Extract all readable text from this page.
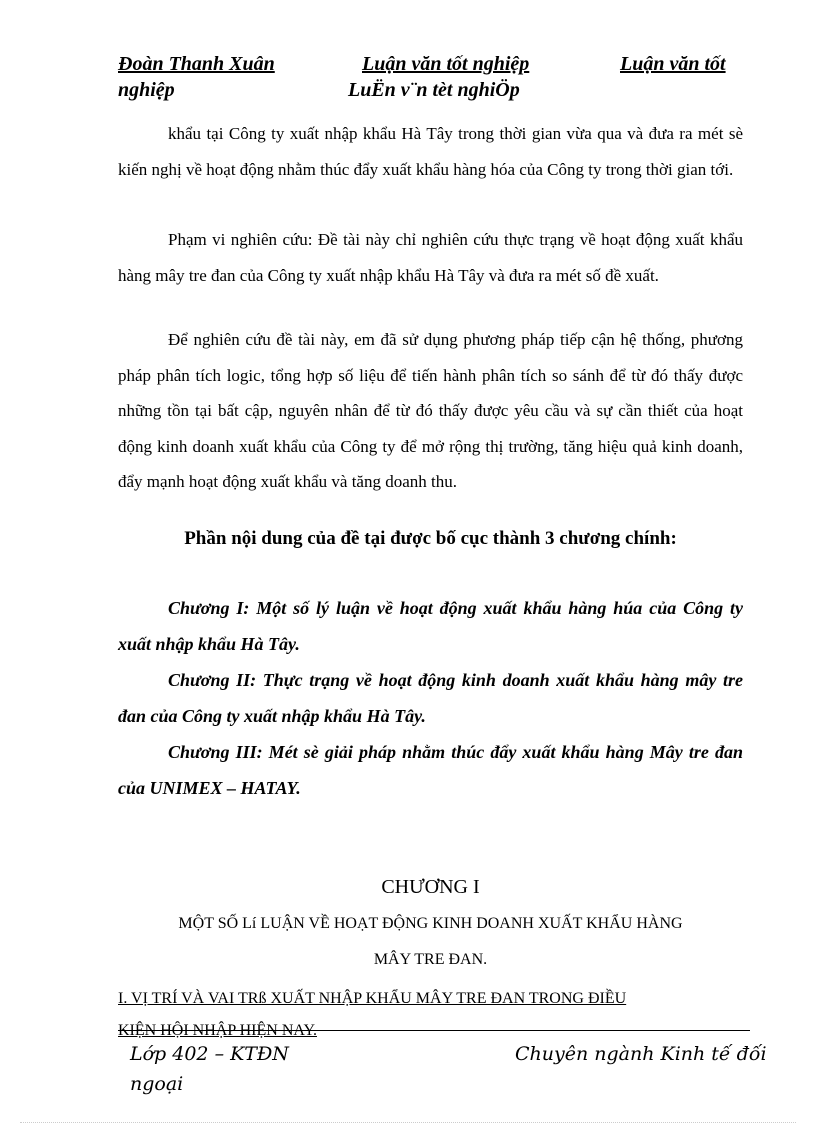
Đoàn Thanh Xuân	Luận văn tốt nghiệp	Luận văn tốt
nghiệp	LuËn v¨n tèt nghiÖp

khẩu tại Công ty xuất nhập khẩu Hà Tây trong thời gian vừa qua và đưa ra mét sè kiến nghị về hoạt động nhằm thúc đẩy xuất khẩu hàng hóa của Công ty trong thời gian tới.

Phạm vi nghiên cứu: Đề tài này chỉ nghiên cứu thực trạng về hoạt động xuất khẩu hàng mây tre đan của Công ty xuất nhập khẩu Hà Tây và đưa ra mét số đề xuất.

Để nghiên cứu đề tài này, em đã sử dụng phương pháp tiếp cận hệ thống, phương pháp phân tích logic, tổng hợp số liệu để tiến hành phân tích so sánh để từ đó thấy được những tồn tại bất cập, nguyên nhân để từ đó thấy được yêu cầu và sự cần thiết của hoạt động kinh doanh xuất khẩu của Công ty để mở rộng thị trường, tăng hiệu quả kinh doanh, đẩy mạnh hoạt động xuất khẩu và tăng doanh thu.

Phần nội dung của đề tại được bố cục thành 3 chương chính:

Chương I: Một số lý luận về hoạt động xuất khẩu hàng húa của Công ty xuất nhập khẩu Hà Tây.

Chương II: Thực trạng về hoạt động kinh doanh xuất khẩu hàng mây tre đan của Công ty xuất nhập khẩu Hà Tây.

Chương III: Mét sè giải pháp nhằm thúc đẩy xuất khẩu hàng Mây tre đan của UNIMEX – HATAY.

CHƯƠNG I
MỘT SỐ Lí LUẬN VỀ HOẠT ĐỘNG KINH DOANH XUẤT KHẨU HÀNG
MÂY TRE ĐAN.

I. VỊ TRÍ VÀ VAI TRß XUẤT NHẬP KHẨU MÂY TRE ĐAN TRONG ĐIỀU
KIỆN HỘI NHẬP HIỆN NAY.

Lớp 402 – KTĐN	Chuyên ngành Kinh tế đối
ngoại
